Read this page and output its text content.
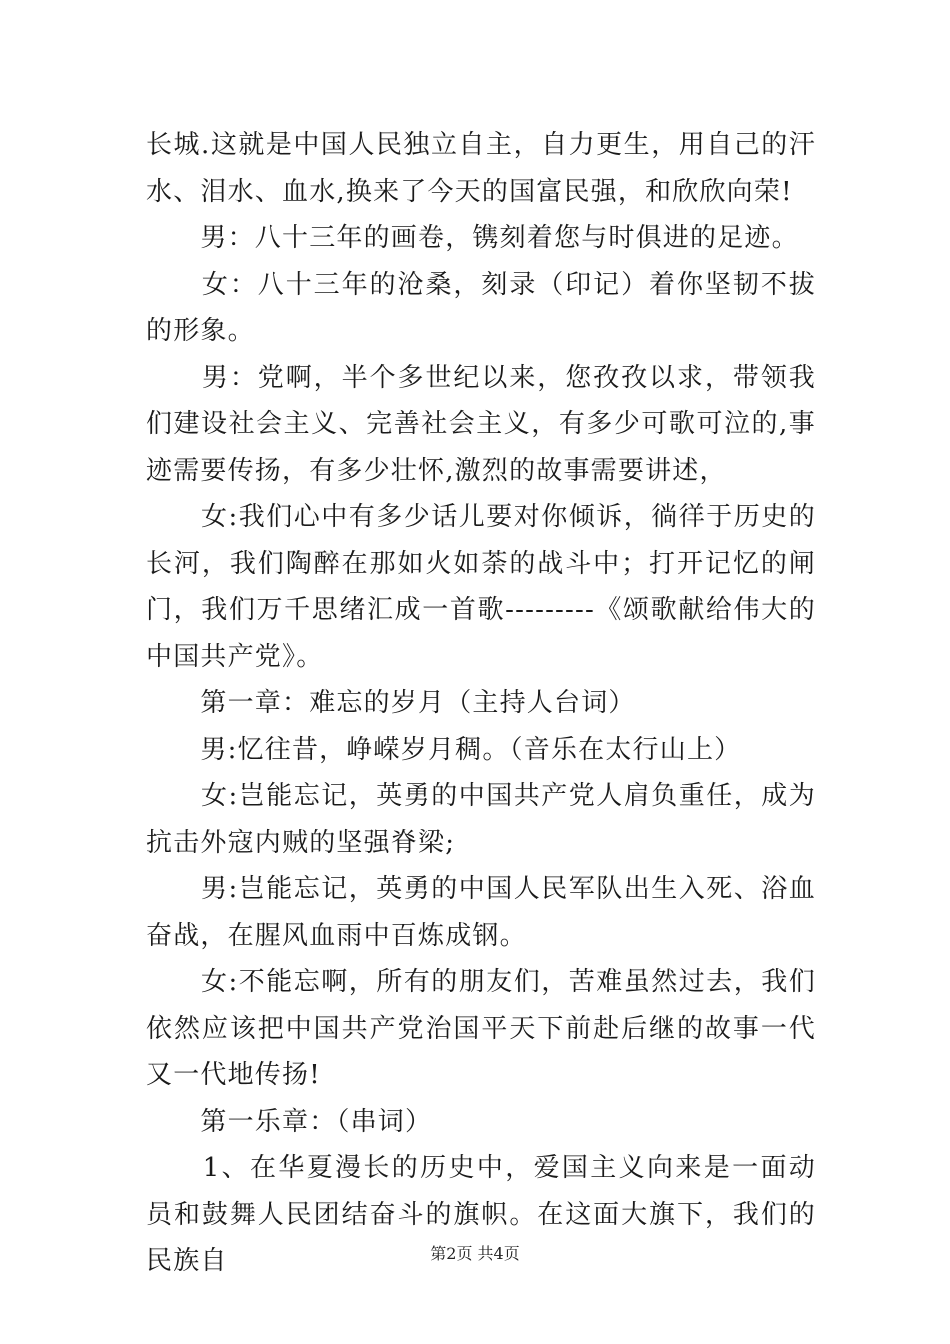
长城.这就是中国人民独立自主，自力更生，用自己的汗水、泪水、血水,换来了今天的国富民强，和欣欣向荣!

　　男：八十三年的画卷，镌刻着您与时俱进的足迹。

　　女：八十三年的沧桑，刻录（印记）着你坚韧不拔的形象。

　　男：党啊，半个多世纪以来，您孜孜以求，带领我们建设社会主义、完善社会主义，有多少可歌可泣的,事迹需要传扬，有多少壮怀,激烈的故事需要讲述，

　　女:我们心中有多少话儿要对你倾诉，徜徉于历史的长河，我们陶醉在那如火如荼的战斗中；打开记忆的闸门，我们万千思绪汇成一首歌---------《颂歌献给伟大的中国共产党》。

　　第一章：难忘的岁月（主持人台词）

　　男:忆往昔，峥嵘岁月稠。（音乐在太行山上）

　　女:岂能忘记，英勇的中国共产党人肩负重任，成为抗击外寇内贼的坚强脊梁;

　　男:岂能忘记，英勇的中国人民军队出生入死、浴血奋战，在腥风血雨中百炼成钢。

　　女:不能忘啊，所有的朋友们，苦难虽然过去，我们依然应该把中国共产党治国平天下前赴后继的故事一代又一代地传扬!

　　第一乐章：（串词）

　　1、在华夏漫长的历史中，爱国主义向来是一面动员和鼓舞人民团结奋斗的旗帜。在这面大旗下，我们的民族自	第2页 共4页
